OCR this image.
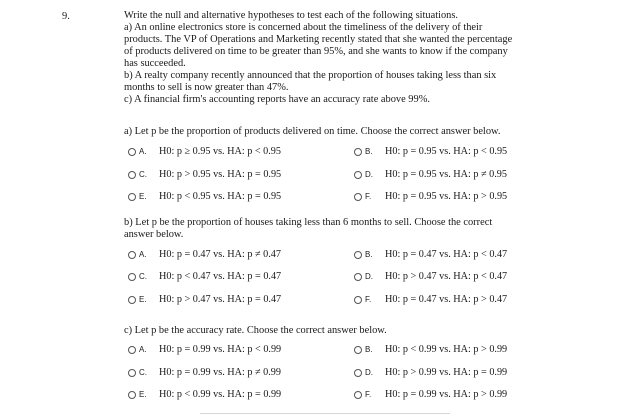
9.	Write the null and alternative hypotheses to test each of the following situations.

a) An online electronics store is concerned about the timeliness of the delivery of their

products. The VP of Operations and Marketing recently stated that she wanted the percentage

of products delivered on time to be greater than 95%, and she wants to know if the company

has succeeded.

b) A realty company recently announced that the proportion of houses taking less than six

months to sell is now greater than 47%.

c) A financial firm's accounting reports have an accuracy rate above 99%.

a) Let p be the proportion of products delivered on time. Choose the correct answer below.

A.	H0: p ≥ 0.95 vs. HA: p < 0.95	B.	H0: p = 0.95 vs. HA: p < 0.95
C.	H0: p > 0.95 vs. HA: p = 0.95	D.	H0: p = 0.95 vs. HA: p ≠ 0.95
E.	H0: p < 0.95 vs. HA: p = 0.95	F.	H0: p = 0.95 vs. HA: p > 0.95

b) Let p be the proportion of houses taking less than 6 months to sell. Choose the correct

answer below.

A.	H0: p = 0.47 vs. HA: p ≠ 0.47	B.	H0: p = 0.47 vs. HA: p < 0.47
C.	H0: p < 0.47 vs. HA: p = 0.47	D.	H0: p > 0.47 vs. HA: p < 0.47
E.	H0: p > 0.47 vs. HA: p = 0.47	F.	H0: p = 0.47 vs. HA: p > 0.47

c) Let p be the accuracy rate. Choose the correct answer below.

A.	H0: p = 0.99 vs. HA: p < 0.99	B.	H0: p < 0.99 vs. HA: p > 0.99
C.	H0: p = 0.99 vs. HA: p ≠ 0.99	D.	H0: p > 0.99 vs. HA: p = 0.99
E.	H0: p < 0.99 vs. HA: p = 0.99	F.	H0: p = 0.99 vs. HA: p > 0.99
